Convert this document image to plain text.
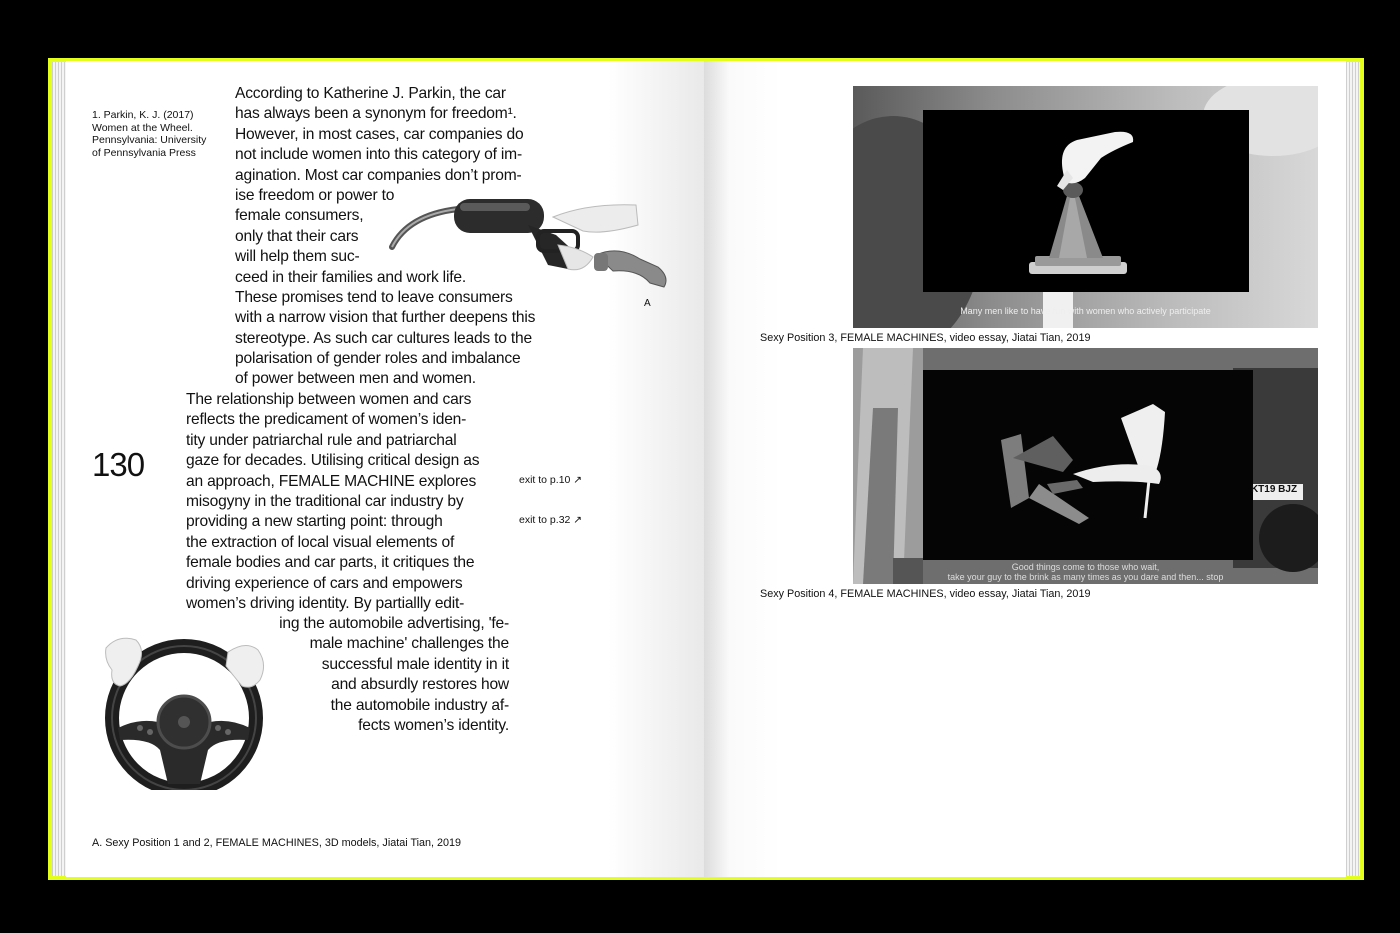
1. Parkin, K. J. (2017)
Women at the Wheel.
Pennsylvania: University
of Pennsylvania Press
130
According to Katherine J. Parkin, the car
has always been a synonym for freedom¹.
However, in most cases, car companies do
not include women into this category of im-
agination. Most car companies don’t prom-
ise freedom or power to
female consumers,
only that their cars
will help them suc-
ceed in their families and work life.
These promises tend to leave consumers
with a narrow vision that further deepens this
stereotype. As such car cultures leads to the
polarisation of gender roles and imbalance
of power between men and women.
The relationship between women and cars
reflects the predicament of women’s iden-
tity under patriarchal rule and patriarchal
gaze for decades. Utilising critical design as
an approach, FEMALE MACHINE explores
misogyny in the traditional car industry by
providing a new starting point: through
the extraction of local visual elements of
female bodies and car parts, it critiques the
driving experience of cars and empowers
women’s driving identity. By partiallly edit-
ing the automobile advertising, 'fe-
male machine' challenges the
successful male identity in it
and absurdly restores how
the automobile industry af-
fects women’s identity.
exit to p.10 ↗
exit to p.32 ↗
A
A. Sexy Position 1 and 2, FEMALE MACHINES, 3D models, Jiatai Tian, 2019
Many men like to have fun with women who actively participate
Sexy Position 3, FEMALE MACHINES, video essay, Jiatai Tian, 2019
KT19 BJZ
Good things come to those who wait,
take your guy to the brink as many times as you dare and then... stop
Sexy Position 4, FEMALE MACHINES, video essay, Jiatai Tian, 2019
